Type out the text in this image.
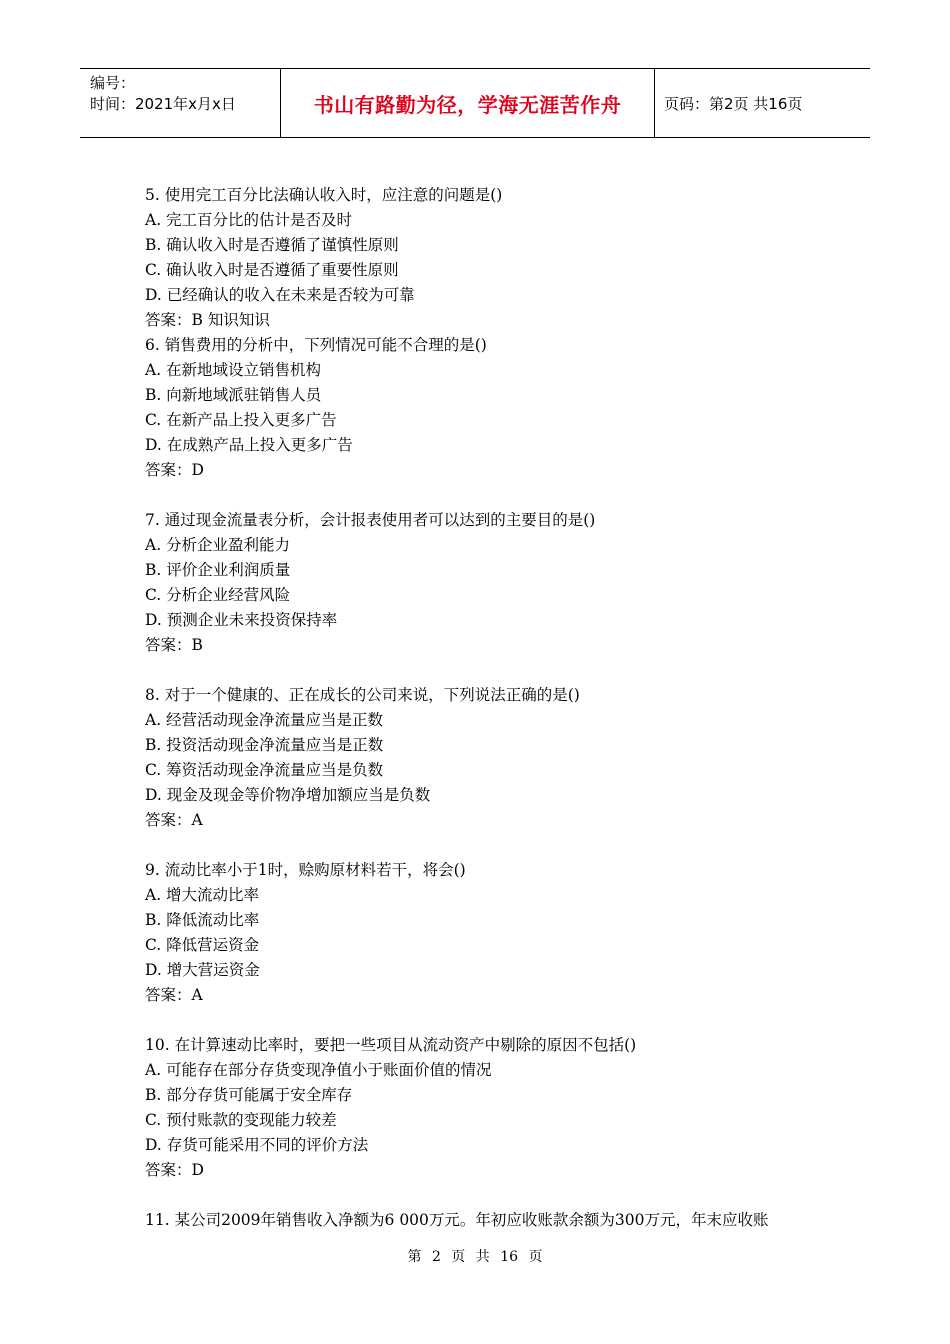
编号：
时间：2021年x月x日	书山有路勤为径，学海无涯苦作舟	页码：第2页 共16页
5. 使用完工百分比法确认收入时，应注意的问题是()
A. 完工百分比的估计是否及时
B. 确认收入时是否遵循了谨慎性原则
C. 确认收入时是否遵循了重要性原则
D. 已经确认的收入在未来是否较为可靠
答案：B 知识知识
6. 销售费用的分析中，下列情况可能不合理的是()
A. 在新地域设立销售机构
B. 向新地域派驻销售人员
C. 在新产品上投入更多广告
D. 在成熟产品上投入更多广告
答案：D
7. 通过现金流量表分析，会计报表使用者可以达到的主要目的是()
A. 分析企业盈利能力
B. 评价企业利润质量
C. 分析企业经营风险
D. 预测企业未来投资保持率
答案：B
8. 对于一个健康的、正在成长的公司来说，下列说法正确的是()
A. 经营活动现金净流量应当是正数
B. 投资活动现金净流量应当是正数
C. 筹资活动现金净流量应当是负数
D. 现金及现金等价物净增加额应当是负数
答案：A
9. 流动比率小于1时，赊购原材料若干，将会()
A. 增大流动比率
B. 降低流动比率
C. 降低营运资金
D. 增大营运资金
答案：A
10. 在计算速动比率时，要把一些项目从流动资产中剔除的原因不包括()
A. 可能存在部分存货变现净值小于账面价值的情况
B. 部分存货可能属于安全库存
C. 预付账款的变现能力较差
D. 存货可能采用不同的评价方法
答案：D
11. 某公司2009年销售收入净额为6 000万元。年初应收账款余额为300万元，年末应收账
第 2 页 共 16 页
